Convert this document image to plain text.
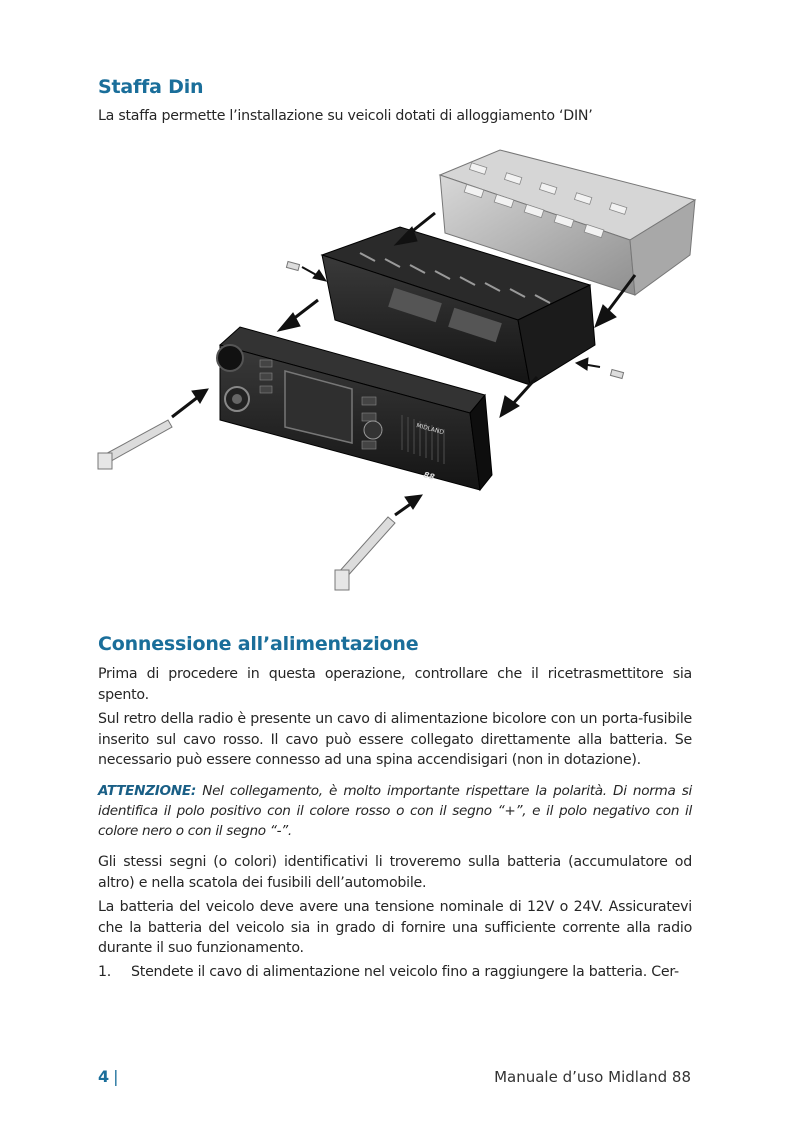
Staffa Din

La staffa permette l’installazione su veicoli dotati di alloggiamento ‘DIN’

MIDLAND
88
Connessione all’alimentazione

Prima di procedere in questa operazione, controllare che il ricetrasmettitore sia spento.

Sul retro della radio è presente un cavo di alimentazione bicolore con un porta-fusibile inserito sul cavo rosso. Il cavo può essere collegato direttamente alla batteria. Se necessario può essere connesso ad una spina accendisigari (non in dotazione).

ATTENZIONE: Nel collegamento, è molto importante rispettare la polarità. Di norma si identifica il polo positivo con il colore rosso o con il segno “+”, e il polo negativo con il colore nero o con il segno “-”.

Gli stessi segni (o colori) identificativi li troveremo sulla batteria (accumulatore od altro) e nella scatola dei fusibili dell’automobile.

La batteria del veicolo deve avere una tensione nominale di 12V o 24V. Assicuratevi che la batteria del veicolo sia in grado di fornire una sufficiente corrente alla radio durante il suo funzionamento.

1. Stendete il cavo di alimentazione nel veicolo fino a raggiungere la batteria. Cer-

4 |	Manuale d’uso Midland 88
